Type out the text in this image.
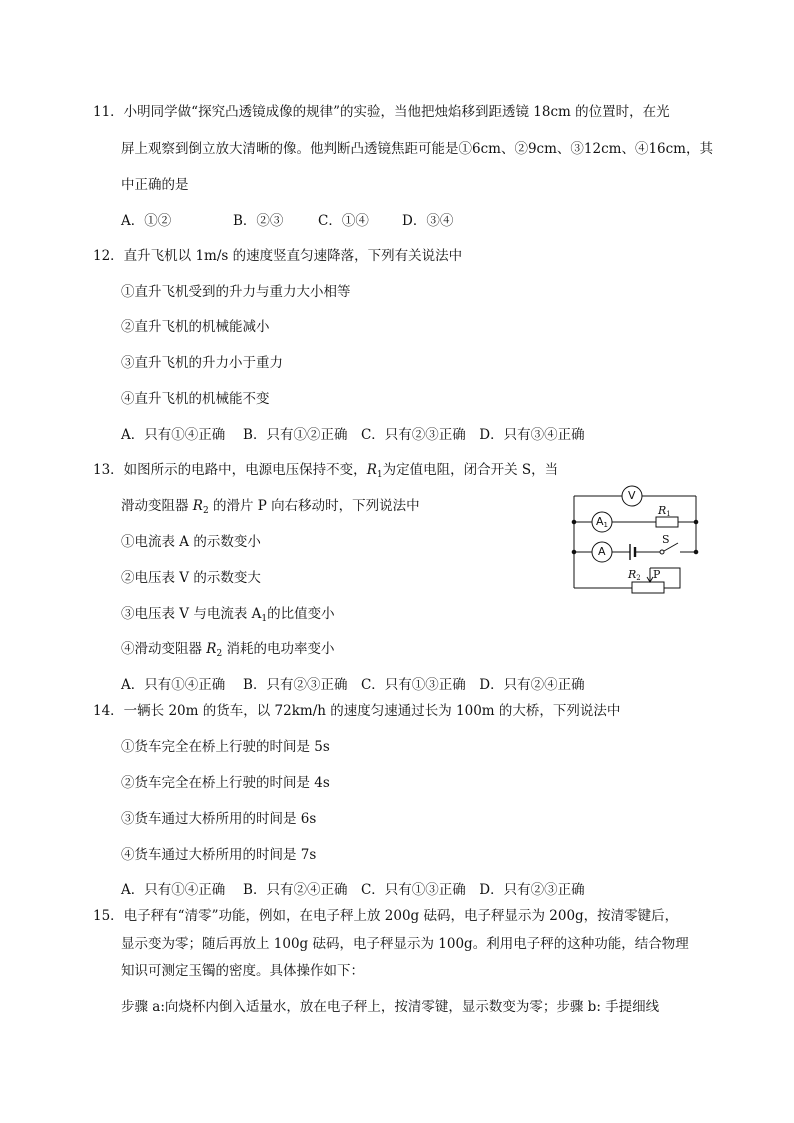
11．小明同学做“探究凸透镜成像的规律”的实验，当他把烛焰移到距透镜 18cm 的位置时，在光
屏上观察到倒立放大清晰的像。他判断凸透镜焦距可能是①6cm、②9cm、③12cm、④16cm，其
中正确的是
A．①②	B．②③	C．①④ D．③④
12．直升飞机以 1m/s 的速度竖直匀速降落，下列有关说法中
①直升飞机受到的升力与重力大小相等
②直升飞机的机械能减小
③直升飞机的升力小于重力
④直升飞机的机械能不变
A．只有①④正确　 B．只有①②正确　C．只有②③正确　D．只有③④正确
13．如图所示的电路中，电源电压保持不变，$R_1$为定值电阻，闭合开关 S，当
滑动变阻器 $R_2$ 的滑片 P 向右移动时，下列说法中
①电流表 A 的示数变小
②电压表 V 的示数变大
③电压表 V 与电流表 $A_1$的比值变小
④滑动变阻器 $R_2$ 消耗的电功率变小
A．只有①④正确　 B．只有②③正确　C．只有①③正确　D．只有②④正确
V
A1
A
R1
S
R2 P
14．一辆长 20m 的货车，以 72km/h 的速度匀速通过长为 100m 的大桥，下列说法中
①货车完全在桥上行驶的时间是 5s
②货车完全在桥上行驶的时间是 4s
③货车通过大桥所用的时间是 6s
④货车通过大桥所用的时间是 7s
A．只有①④正确　 B．只有②④正确　C．只有①③正确　D．只有②③正确
15．电子秤有“清零”功能，例如，在电子秤上放 200g 砝码，电子秤显示为 200g，按清零键后，
显示变为零；随后再放上 100g 砝码，电子秤显示为 100g。利用电子秤的这种功能，结合物理
知识可测定玉镯的密度。具体操作如下：
步骤 a:向烧杯内倒入适量水，放在电子秤上，按清零键，显示数变为零；步骤 b: 手提细线
